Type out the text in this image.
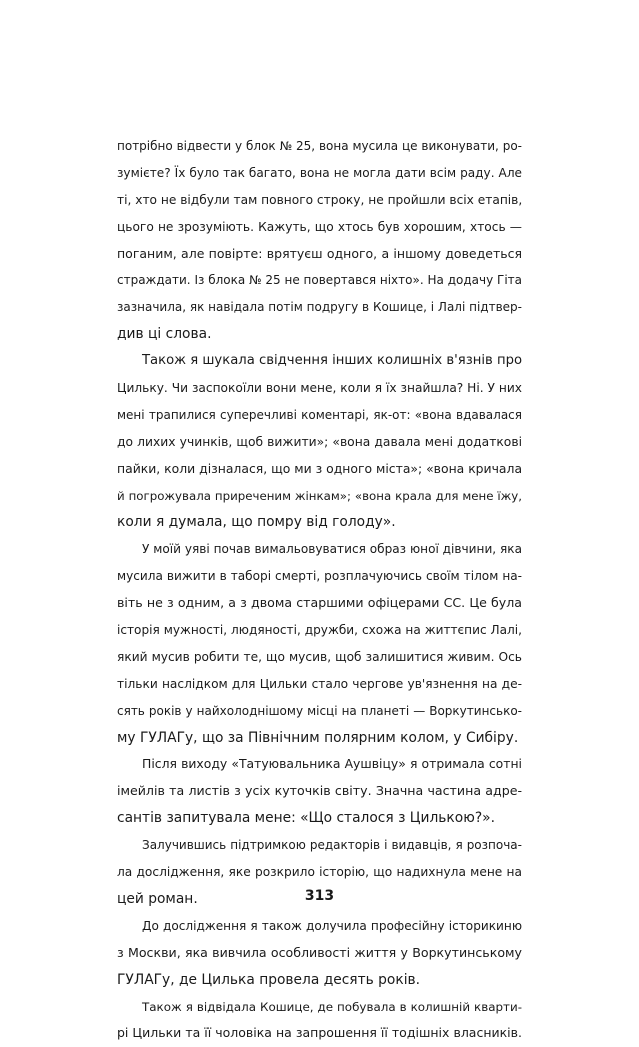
потрібно відвести у блок № 25, вона мусила це виконувати, ро-
зумієте? Їх було так багато, вона не могла дати всім раду. Але
ті, хто не відбули там повного строку, не пройшли всіх етапів,
цього не зрозуміють. Кажуть, що хтось був хорошим, хтось —
поганим, але повірте: врятуєш одного, а іншому доведеться
страждати. Із блока № 25 не повертався ніхто». На додачу Гіта
зазначила, як навідала потім подругу в Кошице, і Лалі підтвер-
див ці слова.
Також я шукала свідчення інших колишніх в'язнів про
Цильку. Чи заспокоїли вони мене, коли я їх знайшла? Ні. У них
мені трапилися суперечливі коментарі, як-от: «вона вдавалася
до лихих учинків, щоб вижити»; «вона давала мені додаткові
пайки, коли дізналася, що ми з одного міста»; «вона кричала
й погрожувала приреченим жінкам»; «вона крала для мене їжу,
коли я думала, що помру від голоду».
У моїй уяві почав вимальовуватися образ юної дівчини, яка
мусила вижити в таборі смерті, розплачуючись своїм тілом на-
віть не з одним, а з двома старшими офіцерами СС. Це була
історія мужності, людяності, дружби, схожа на життєпис Лалі,
який мусив робити те, що мусив, щоб залишитися живим. Ось
тільки наслідком для Цильки стало чергове ув'язнення на де-
сять років у найхолоднішому місці на планеті — Воркутинсько-
му ГУЛАГу, що за Північним полярним колом, у Сибіру.
Після виходу «Татуювальника Аушвіцу» я отримала сотні
імейлів та листів з усіх куточків світу. Значна частина адре-
сантів запитувала мене: «Що сталося з Цилькою?».
Залучившись підтримкою редакторів і видавців, я розпоча-
ла дослідження, яке розкрило історію, що надихнула мене на
цей роман.
До дослідження я також долучила професійну історикиню
з Москви, яка вивчила особливості життя у Воркутинському
ГУЛАГу, де Цилька провела десять років.
Також я відвідала Кошице, де побувала в колишній кварти-
рі Цильки та її чоловіка на запрошення її тодішніх власників.
313
